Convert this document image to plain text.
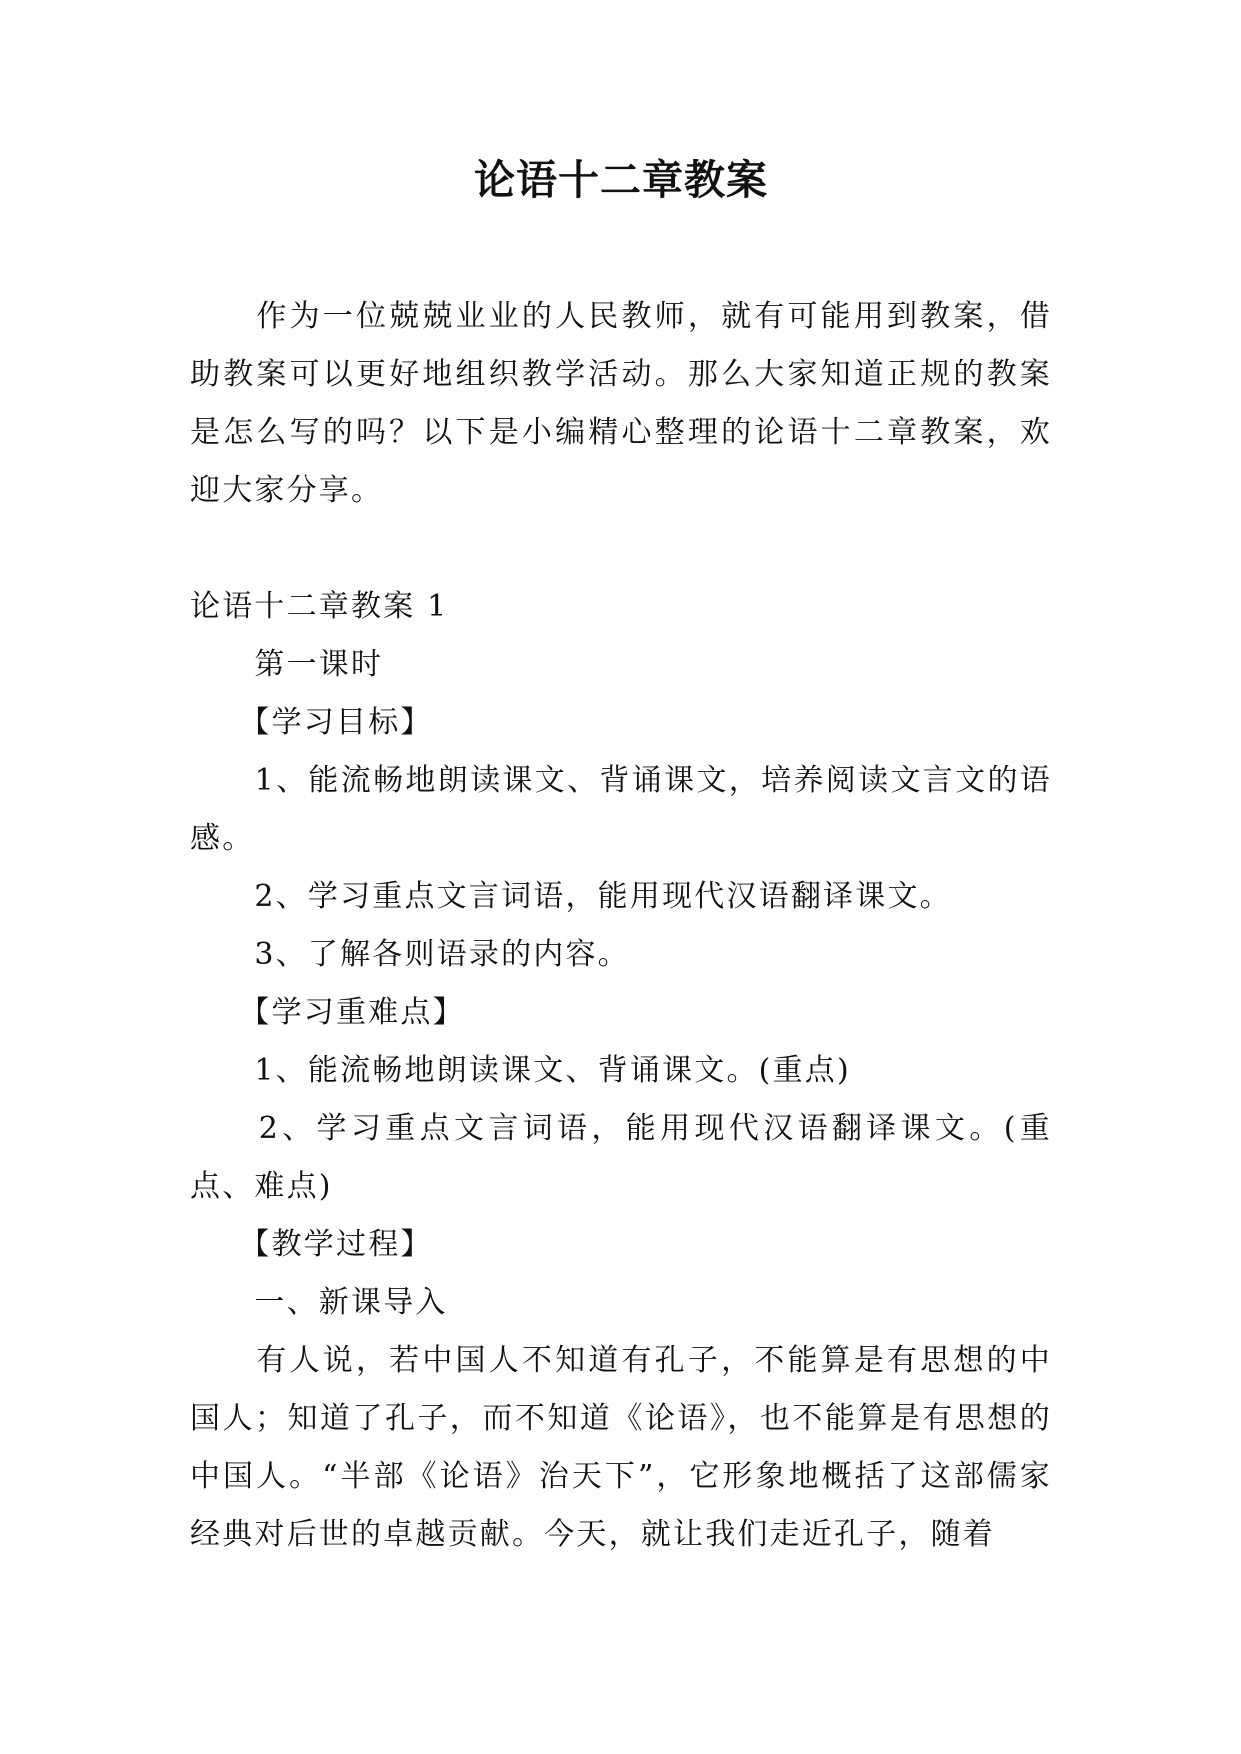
论语十二章教案

　　作为一位兢兢业业的人民教师，就有可能用到教案，借助教案可以更好地组织教学活动。那么大家知道正规的教案是怎么写的吗？以下是小编精心整理的论语十二章教案，欢迎大家分享。

论语十二章教案 1

　　第一课时

　　【学习目标】

　　1、能流畅地朗读课文、背诵课文，培养阅读文言文的语感。

　　2、学习重点文言词语，能用现代汉语翻译课文。

　　3、了解各则语录的内容。

　　【学习重难点】

　　1、能流畅地朗读课文、背诵课文。(重点)

　　2、学习重点文言词语，能用现代汉语翻译课文。(重点、难点)

　　【教学过程】

　　一、新课导入

　　有人说，若中国人不知道有孔子，不能算是有思想的中国人；知道了孔子，而不知道《论语》，也不能算是有思想的中国人。“半部《论语》治天下”，它形象地概括了这部儒家经典对后世的卓越贡献。今天，就让我们走近孔子，随着
